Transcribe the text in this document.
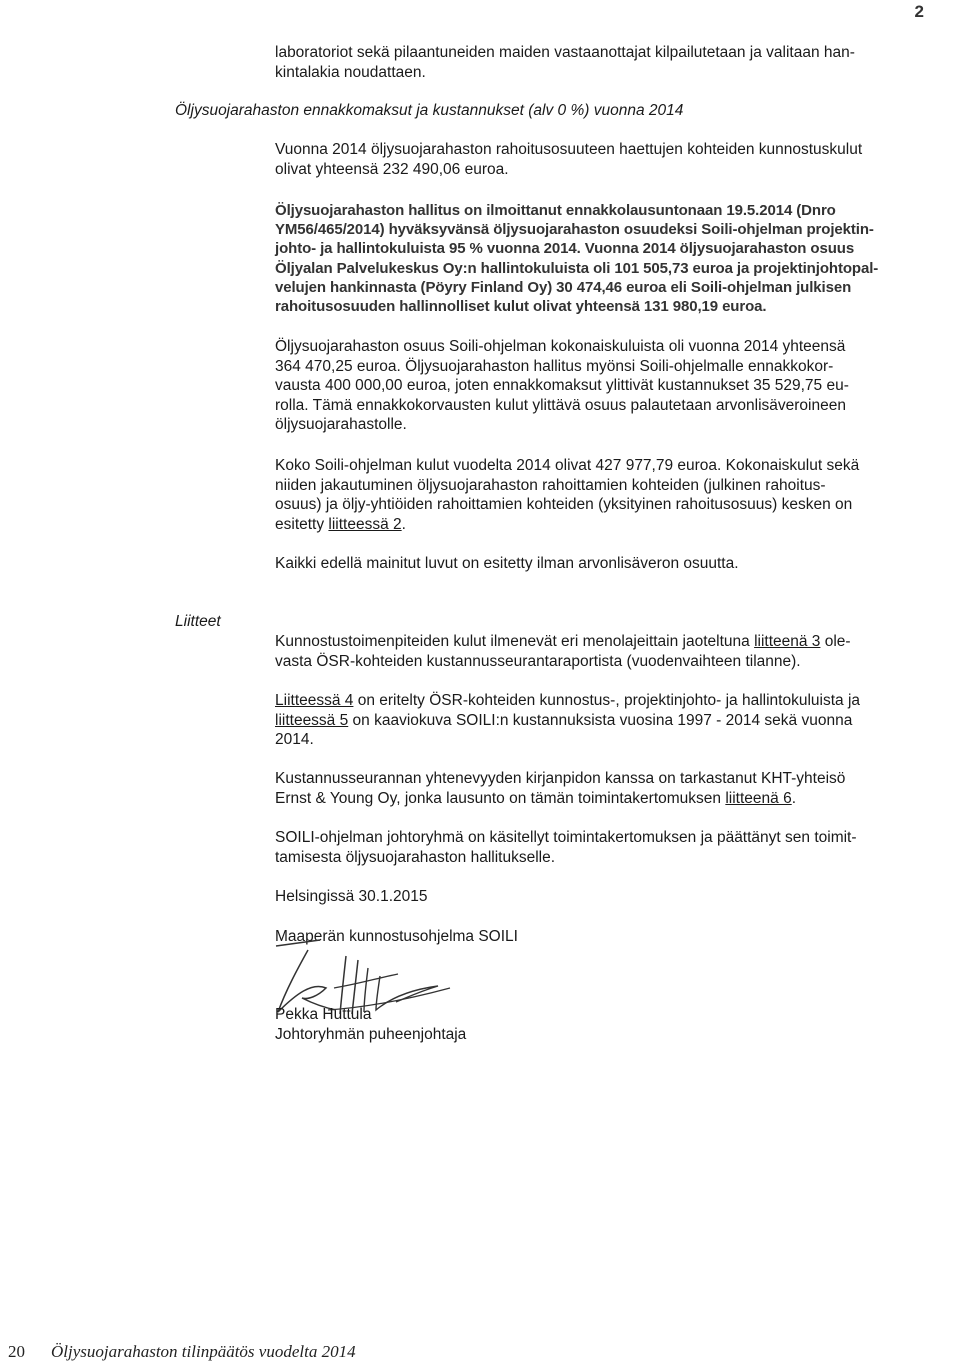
2
laboratoriot sekä pilaantuneiden maiden vastaanottajat kilpailutetaan ja valitaan han-
kintalakia noudattaen.
Öljysuojarahaston ennakkomaksut ja kustannukset (alv 0 %) vuonna 2014
Vuonna 2014 öljysuojarahaston rahoitusosuuteen haettujen kohteiden kunnostuskulut
olivat yhteensä 232 490,06 euroa.
Öljysuojarahaston hallitus on ilmoittanut ennakkolausuntonaan 19.5.2014 (Dnro
YM56/465/2014) hyväksyvänsä öljysuojarahaston osuudeksi Soili-ohjelman projektin-
johto- ja hallintokuluista 95 % vuonna 2014. Vuonna 2014 öljysuojarahaston osuus
Öljyalan Palvelukeskus Oy:n hallintokuluista oli 101 505,73 euroa ja projektinjohtopal-
velujen hankinnasta (Pöyry Finland Oy) 30 474,46 euroa eli Soili-ohjelman julkisen
rahoitusosuuden hallinnolliset kulut olivat yhteensä 131 980,19 euroa.
Öljysuojarahaston osuus Soili-ohjelman kokonaiskuluista oli vuonna 2014 yhteensä
364 470,25 euroa. Öljysuojarahaston hallitus myönsi Soili-ohjelmalle ennakkokor-
vausta 400 000,00 euroa, joten ennakkomaksut ylittivät kustannukset 35 529,75 eu-
rolla. Tämä ennakkokorvausten kulut ylittävä osuus palautetaan arvonlisäveroineen
öljysuojarahastolle.
Koko Soili-ohjelman kulut vuodelta 2014 olivat 427 977,79 euroa. Kokonaiskulut sekä
niiden jakautuminen öljysuojarahaston rahoittamien kohteiden (julkinen rahoitus-
osuus) ja öljy-yhtiöiden rahoittamien kohteiden (yksityinen rahoitusosuus) kesken on
esitetty liitteessä 2.
Kaikki edellä mainitut luvut on esitetty ilman arvonlisäveron osuutta.
Liitteet
Kunnostustoimenpiteiden kulut ilmenevät eri menolajeittain jaoteltuna liitteenä 3 ole-
vasta ÖSR-kohteiden kustannusseurantaraportista (vuodenvaihteen tilanne).
Liitteessä 4 on eritelty ÖSR-kohteiden kunnostus-, projektinjohto- ja hallintokuluista ja
liitteessä 5 on kaaviokuva SOILI:n kustannuksista vuosina 1997 - 2014 sekä vuonna
2014.
Kustannusseurannan yhtenevyyden kirjanpidon kanssa on tarkastanut KHT-yhteisö
Ernst & Young Oy, jonka lausunto on tämän toimintakertomuksen liitteenä 6.
SOILI-ohjelman johtoryhmä on käsitellyt toimintakertomuksen ja päättänyt sen toimit-
tamisesta öljysuojarahaston hallitukselle.
Helsingissä 30.1.2015
Maaperän kunnostusohjelma SOILI
Pekka Huttula
Johtoryhmän puheenjohtaja
20 Öljysuojarahaston tilinpäätös vuodelta 2014
